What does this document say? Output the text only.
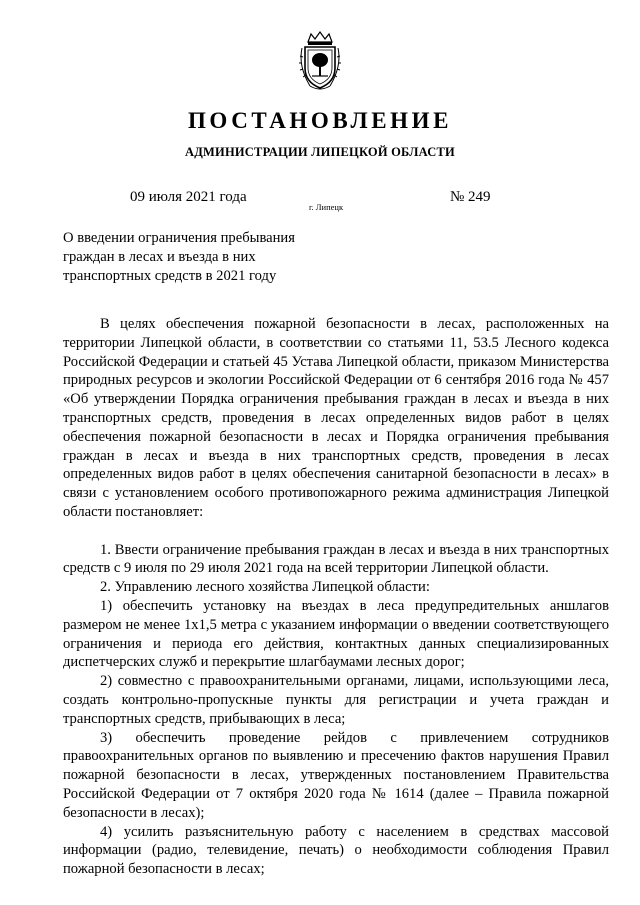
ПОСТАНОВЛЕНИЕ
АДМИНИСТРАЦИИ ЛИПЕЦКОЙ ОБЛАСТИ
09 июля 2021 года
г. Липецк
№ 249
О введении ограничения пребывания
граждан в лесах и въезда в них
транспортных средств в 2021 году

В целях обеспечения пожарной безопасности в лесах, расположенных на территории Липецкой области, в соответствии со статьями 11, 53.5 Лесного кодекса Российской Федерации и статьей 45 Устава Липецкой области, приказом Министерства природных ресурсов и экологии Российской Федерации от 6 сентября 2016 года № 457 «Об утверждении Порядка ограничения пребывания граждан в лесах и въезда в них транспортных средств, проведения в лесах определенных видов работ в целях обеспечения пожарной безопасности в лесах и Порядка ограничения пребывания граждан в лесах и въезда в них транспортных средств, проведения в лесах определенных видов работ в целях обеспечения санитарной безопасности в лесах» в связи с установлением особого противопожарного режима администрация Липецкой области постановляет:

1. Ввести ограничение пребывания граждан в лесах и въезда в них транспортных средств с 9 июля по 29 июля 2021 года на всей территории Липецкой области.

2. Управлению лесного хозяйства Липецкой области:

1) обеспечить установку на въездах в леса предупредительных аншлагов размером не менее 1х1,5 метра с указанием информации о введении соответствующего ограничения и периода его действия, контактных данных специализированных диспетчерских служб и перекрытие шлагбаумами лесных дорог;

2) совместно с правоохранительными органами, лицами, использующими леса, создать контрольно-пропускные пункты для регистрации и учета граждан и транспортных средств, прибывающих в леса;

3) обеспечить проведение рейдов с привлечением сотрудников правоохранительных органов по выявлению и пресечению фактов нарушения Правил пожарной безопасности в лесах, утвержденных постановлением Правительства Российской Федерации от 7 октября 2020 года № 1614 (далее – Правила пожарной безопасности в лесах);

4) усилить разъяснительную работу с населением в средствах массовой информации (радио, телевидение, печать) о необходимости соблюдения Правил пожарной безопасности в лесах;
